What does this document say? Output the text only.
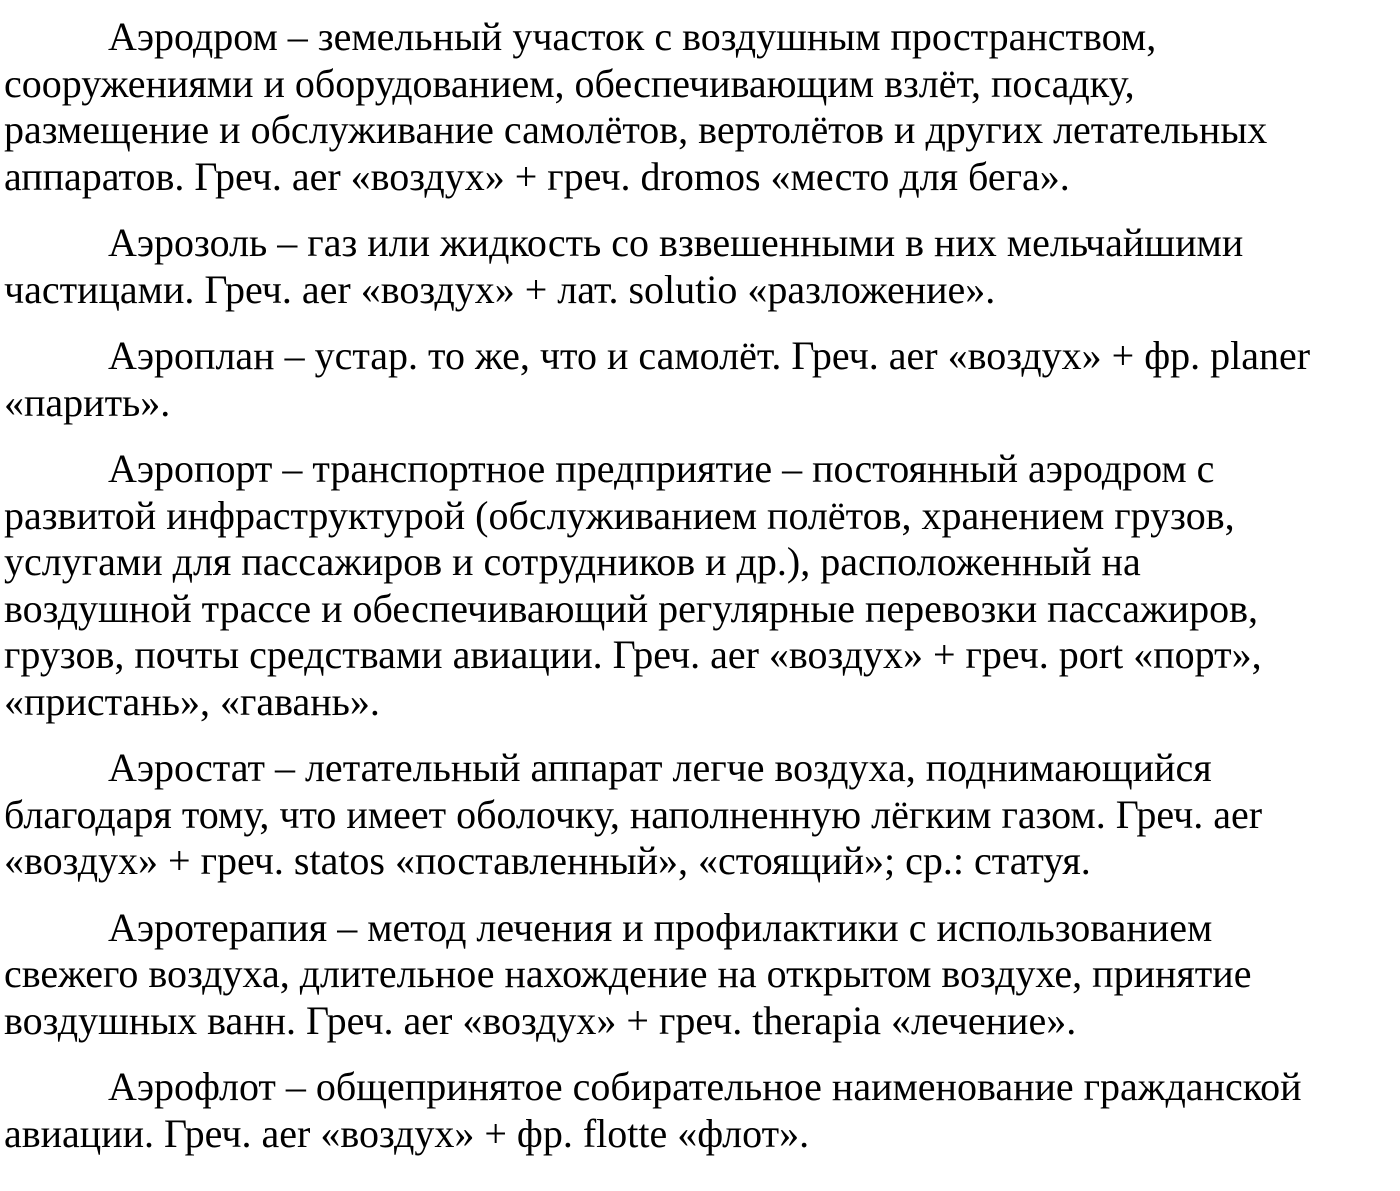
Аэродром – земельный участок с воздушным пространством,
сооружениями и оборудованием, обеспечивающим взлёт, посадку,
размещение и обслуживание самолётов, вертолётов и других летательных
аппаратов. Греч. aer «воздух» + греч. dromos «место для бега».

Аэрозоль – газ или жидкость со взвешенными в них мельчайшими
частицами. Греч. aer «воздух» + лат. solutio «разложение».

Аэроплан – устар. то же, что и самолёт. Греч. aer «воздух» + фр. planer
«парить».

Аэропорт – транспортное предприятие – постоянный аэродром с
развитой инфраструктурой (обслуживанием полётов, хранением грузов,
услугами для пассажиров и сотрудников и др.), расположенный на
воздушной трассе и обеспечивающий регулярные перевозки пассажиров,
грузов, почты средствами авиации. Греч. aer «воздух» + греч. port «порт»,
«пристань», «гавань».

Аэростат – летательный аппарат легче воздуха, поднимающийся
благодаря тому, что имеет оболочку, наполненную лёгким газом. Греч. aer
«воздух» + греч. statos «поставленный», «стоящий»; ср.: статуя.

Аэротерапия – метод лечения и профилактики с использованием
свежего воздуха, длительное нахождение на открытом воздухе, принятие
воздушных ванн. Греч. aer «воздух» + греч. therapia «лечение».

Аэрофлот – общепринятое собирательное наименование гражданской
авиации. Греч. aer «воздух» + фр. flotte «флот».
